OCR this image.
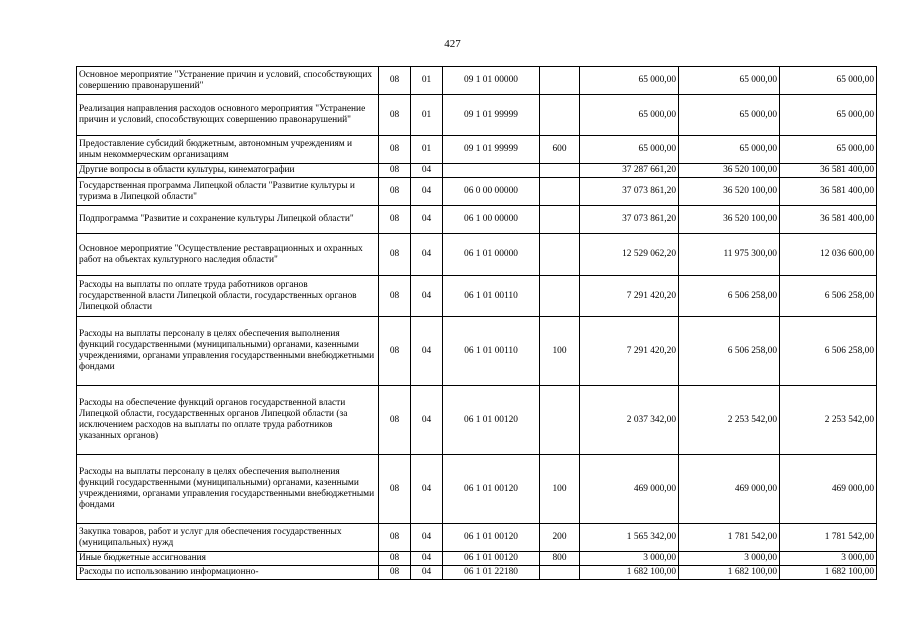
427
Основное мероприятие "Устранение причин и условий, способствующих совершению правонарушений"	08	01	09 1 01 00000		65 000,00	65 000,00	65 000,00
Реализация направления расходов основного мероприятия "Устранение причин и условий, способствующих совершению правонарушений"	08	01	09 1 01 99999		65 000,00	65 000,00	65 000,00
Предоставление субсидий бюджетным, автономным учреждениям и иным некоммерческим организациям	08	01	09 1 01 99999	600	65 000,00	65 000,00	65 000,00
Другие вопросы в области культуры, кинематографии	08	04			37 287 661,20	36 520 100,00	36 581 400,00
Государственная программа Липецкой области "Развитие культуры и туризма в Липецкой области"	08	04	06 0 00 00000		37 073 861,20	36 520 100,00	36 581 400,00
Подпрограмма "Развитие и сохранение культуры Липецкой области"	08	04	06 1 00 00000		37 073 861,20	36 520 100,00	36 581 400,00
Основное мероприятие "Осуществление реставрационных и охранных работ на объектах культурного наследия области"	08	04	06 1 01 00000		12 529 062,20	11 975 300,00	12 036 600,00
Расходы на выплаты по оплате труда работников органов государственной власти Липецкой области, государственных органов Липецкой области	08	04	06 1 01 00110		7 291 420,20	6 506 258,00	6 506 258,00
Расходы на выплаты персоналу в целях обеспечения выполнения функций государственными (муниципальными) органами, казенными учреждениями, органами управления государственными внебюджетными фондами	08	04	06 1 01 00110	100	7 291 420,20	6 506 258,00	6 506 258,00
Расходы на обеспечение функций органов государственной власти Липецкой области, государственных органов Липецкой области (за исключением расходов на выплаты по оплате труда работников указанных органов)	08	04	06 1 01 00120		2 037 342,00	2 253 542,00	2 253 542,00
Расходы на выплаты персоналу в целях обеспечения выполнения функций государственными (муниципальными) органами, казенными учреждениями, органами управления государственными внебюджетными фондами	08	04	06 1 01 00120	100	469 000,00	469 000,00	469 000,00
Закупка товаров, работ и услуг для обеспечения государственных (муниципальных) нужд	08	04	06 1 01 00120	200	1 565 342,00	1 781 542,00	1 781 542,00
Иные бюджетные ассигнования	08	04	06 1 01 00120	800	3 000,00	3 000,00	3 000,00
Расходы по использованию информационно-	08	04	06 1 01 22180		1 682 100,00	1 682 100,00	1 682 100,00
